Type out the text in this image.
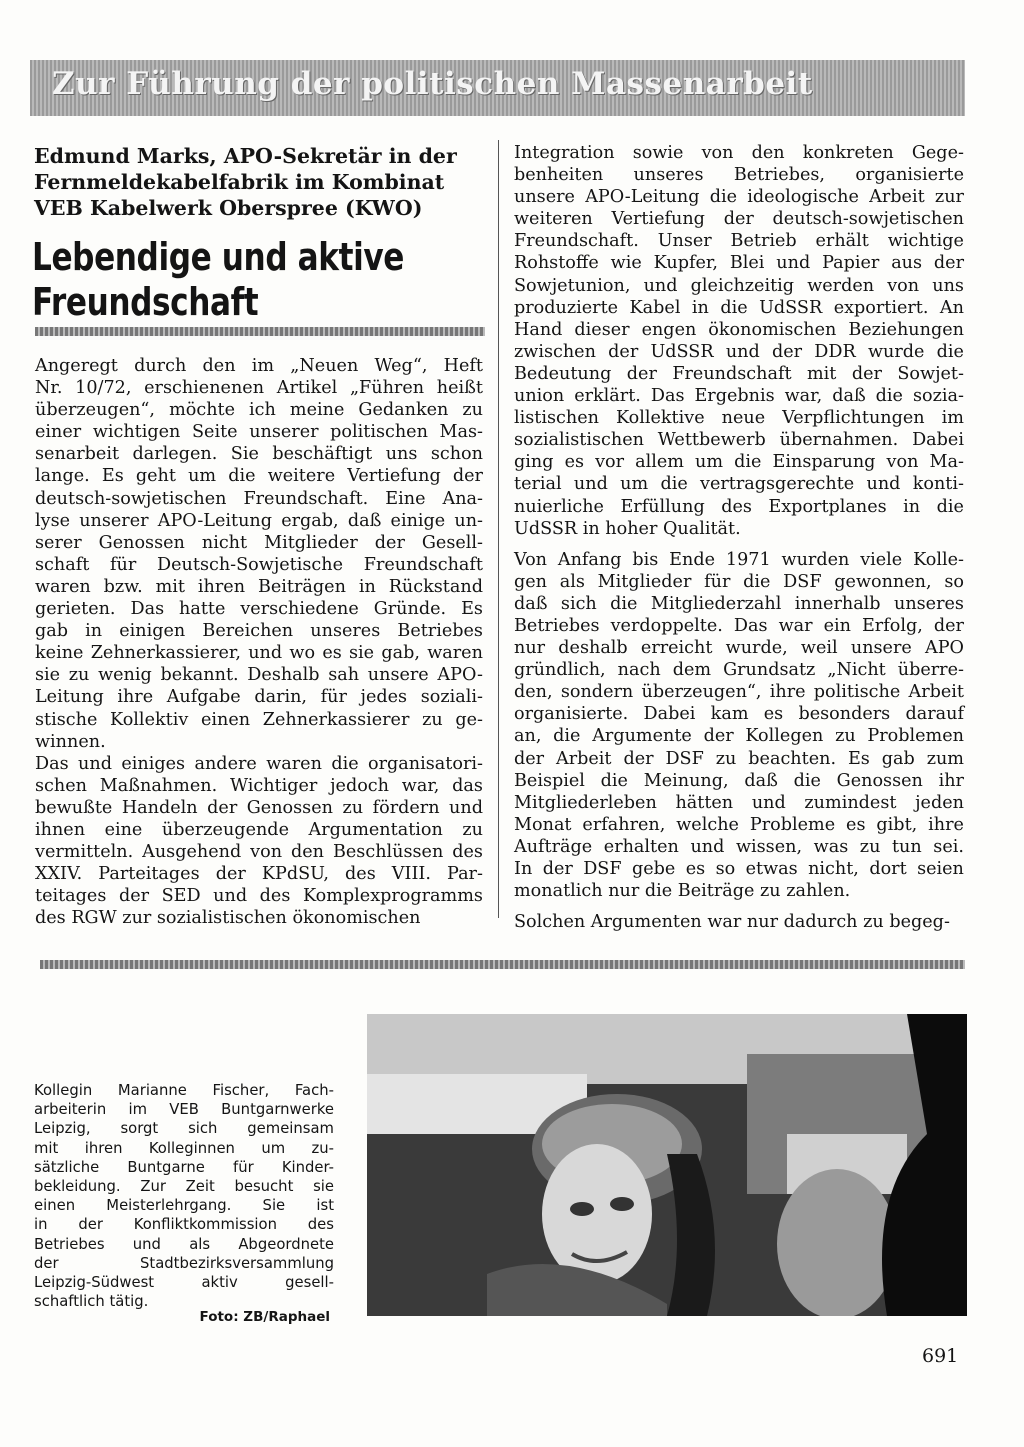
Zur Führung der politischen Massenarbeit
Edmund Marks, APO-Sekretär in der
Fernmeldekabelfabrik im Kombinat
VEB Kabelwerk Oberspree (KWO)
Lebendige und aktive
Freundschaft
Angeregt durch den im „Neuen Weg“, Heft
Nr. 10/72, erschienenen Artikel „Führen heißt
überzeugen“, möchte ich meine Gedanken zu
einer wichtigen Seite unserer politischen Mas-
senarbeit darlegen. Sie beschäftigt uns schon
lange. Es geht um die weitere Vertiefung der
deutsch-sowjetischen Freundschaft. Eine Ana-
lyse unserer APO-Leitung ergab, daß einige un-
serer Genossen nicht Mitglieder der Gesell-
schaft für Deutsch-Sowjetische Freundschaft
waren bzw. mit ihren Beiträgen in Rückstand
gerieten. Das hatte verschiedene Gründe. Es
gab in einigen Bereichen unseres Betriebes
keine Zehnerkassierer, und wo es sie gab, waren
sie zu wenig bekannt. Deshalb sah unsere APO-
Leitung ihre Aufgabe darin, für jedes soziali-
stische Kollektiv einen Zehnerkassierer zu ge-
winnen.

Das und einiges andere waren die organisatori-
schen Maßnahmen. Wichtiger jedoch war, das
bewußte Handeln der Genossen zu fördern und
ihnen eine überzeugende Argumentation zu
vermitteln. Ausgehend von den Beschlüssen des
XXIV. Parteitages der KPdSU, des VIII. Par-
teitages der SED und des Komplexprogramms
des
RGW
zur
sozialistischen
ökonomischen

Integration sowie von den konkreten Gege-
benheiten unseres Betriebes, organisierte
unsere APO-Leitung die ideologische Arbeit zur
weiteren Vertiefung der deutsch-sowjetischen
Freundschaft. Unser Betrieb erhält wichtige
Rohstoffe wie Kupfer, Blei und Papier aus der
Sowjetunion, und gleichzeitig werden von uns
produzierte Kabel in die UdSSR exportiert. An
Hand dieser engen ökonomischen Beziehungen
zwischen der UdSSR und der DDR wurde die
Bedeutung der Freundschaft mit der Sowjet-
union erklärt. Das Ergebnis war, daß die sozia-
listischen Kollektive neue Verpflichtungen im
sozialistischen Wettbewerb übernahmen. Dabei
ging es vor allem um die Einsparung von Ma-
terial und um die vertragsgerechte und konti-
nuierliche Erfüllung des Exportplanes in die
UdSSR
in
hoher
Qualität.

Von Anfang bis Ende 1971 wurden viele Kolle-
gen als Mitglieder für die DSF gewonnen, so
daß sich die Mitgliederzahl innerhalb unseres
Betriebes verdoppelte. Das war ein Erfolg, der
nur deshalb erreicht wurde, weil unsere APO
gründlich, nach dem Grundsatz „Nicht überre-
den, sondern überzeugen“, ihre politische Arbeit
organisierte. Dabei kam es besonders darauf
an, die Argumente der Kollegen zu Problemen
der Arbeit der DSF zu beachten. Es gab zum
Beispiel die Meinung, daß die Genossen ihr
Mitgliederleben hätten und zumindest jeden
Monat erfahren, welche Probleme es gibt, ihre
Aufträge erhalten und wissen, was zu tun sei.
In der DSF gebe es so etwas nicht, dort seien
monatlich
nur
die
Beiträge
zu
zahlen.

Solchen
Argumenten
war
nur
dadurch
zu
begeg-

Kollegin Marianne Fischer, Fach-
arbeiterin im VEB Buntgarnwerke
Leipzig, sorgt sich gemeinsam
mit ihren Kolleginnen um zu-
sätzliche Buntgarne für Kinder-
bekleidung. Zur Zeit besucht sie
einen Meisterlehrgang. Sie ist
in der Konfliktkommission des
Betriebes und als Abgeordnete
der	Stadtbezirksversammlung
Leipzig-Südwest	aktiv	gesell-
schaftlich
tätig.

Foto: ZB/Raphael
691
